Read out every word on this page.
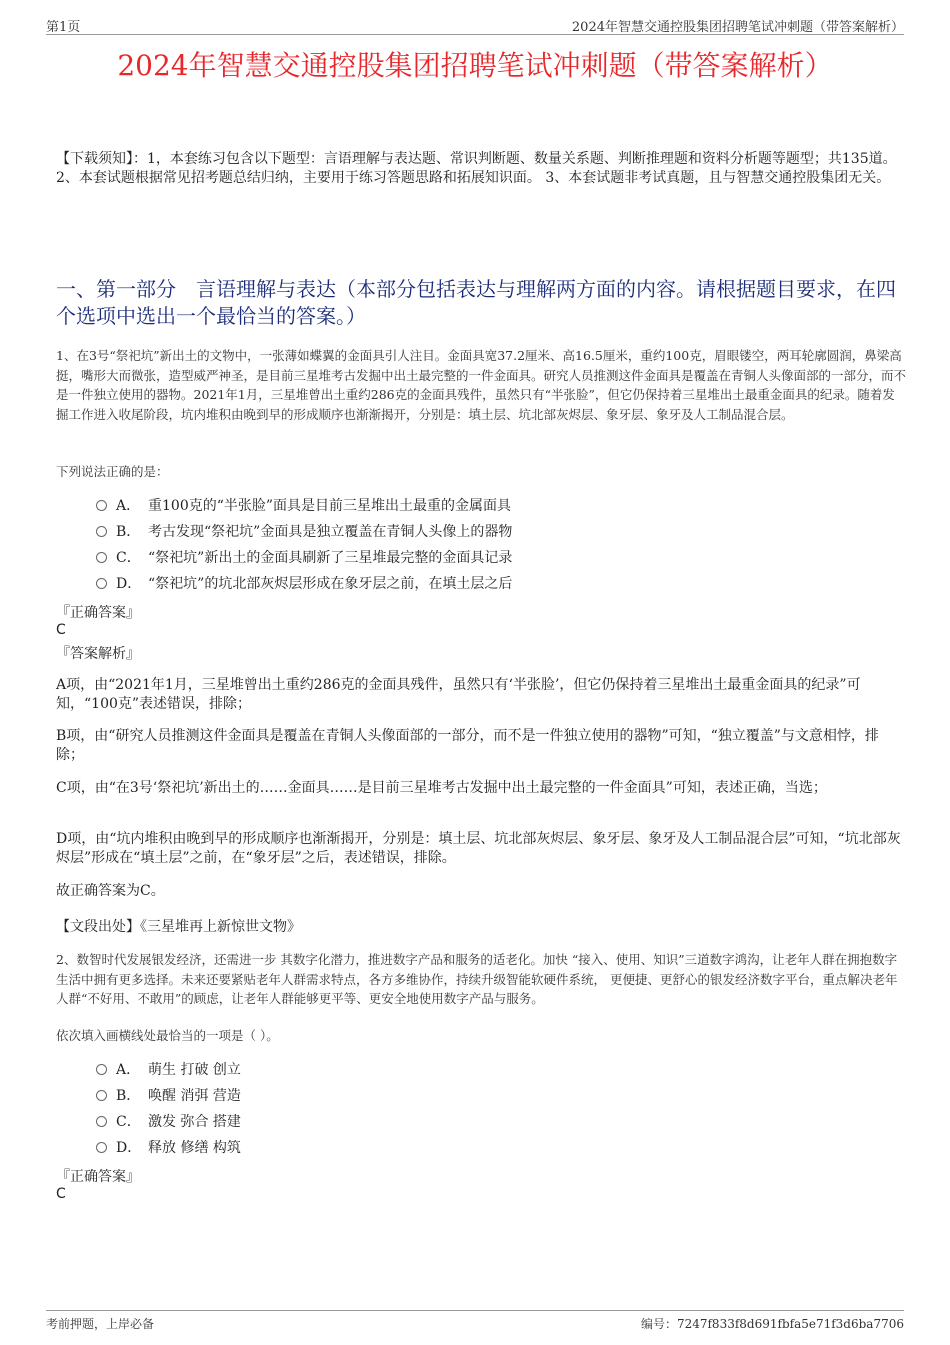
第1页	2024年智慧交通控股集团招聘笔试冲刺题（带答案解析）
2024年智慧交通控股集团招聘笔试冲刺题（带答案解析）
【下载须知】：1，本套练习包含以下题型：言语理解与表达题、常识判断题、数量关系题、判断推理题和资料分析题等题型；共135道。 2、本套试题根据常见招考题总结归纳，主要用于练习答题思路和拓展知识面。 3、本套试题非考试真题，且与智慧交通控股集团无关。
一、第一部分　言语理解与表达（本部分包括表达与理解两方面的内容。请根据题目要求，在四个选项中选出一个最恰当的答案。）
1、在3号“祭祀坑”新出土的文物中，一张薄如蝶翼的金面具引人注目。金面具宽37.2厘米、高16.5厘米，重约100克，眉眼镂空，两耳轮廓圆润，鼻梁高挺，嘴形大而微张，造型威严神圣，是目前三星堆考古发掘中出土最完整的一件金面具。研究人员推测这件金面具是覆盖在青铜人头像面部的一部分，而不是一件独立使用的器物。2021年1月，三星堆曾出土重约286克的金面具残件，虽然只有“半张脸”，但它仍保持着三星堆出土最重金面具的纪录。随着发掘工作进入收尾阶段，坑内堆积由晚到早的形成顺序也渐渐揭开，分别是：填土层、坑北部灰烬层、象牙层、象牙及人工制品混合层。
下列说法正确的是：
A． 重100克的“半张脸”面具是目前三星堆出土最重的金属面具
B． 考古发现“祭祀坑”金面具是独立覆盖在青铜人头像上的器物
C． “祭祀坑”新出土的金面具刷新了三星堆最完整的金面具记录
D． “祭祀坑”的坑北部灰烬层形成在象牙层之前，在填土层之后
『正确答案』
C
『答案解析』
A项，由“2021年1月，三星堆曾出土重约286克的金面具残件，虽然只有‘半张脸’，但它仍保持着三星堆出土最重金面具的纪录”可知，“100克”表述错误，排除；
B项，由“研究人员推测这件金面具是覆盖在青铜人头像面部的一部分，而不是一件独立使用的器物”可知，“独立覆盖”与文意相悖，排除；
C项，由“在3号‘祭祀坑’新出土的……金面具……是目前三星堆考古发掘中出土最完整的一件金面具”可知，表述正确，当选；
D项，由“坑内堆积由晚到早的形成顺序也渐渐揭开，分别是：填土层、坑北部灰烬层、象牙层、象牙及人工制品混合层”可知，“坑北部灰烬层”形成在“填土层”之前，在“象牙层”之后，表述错误，排除。
故正确答案为C。
【文段出处】《三星堆再上新惊世文物》
2、数智时代发展银发经济，还需进一步 其数字化潜力，推进数字产品和服务的适老化。加快 “接入、使用、知识”三道数字鸿沟，让老年人群在拥抱数字生活中拥有更多选择。未来还要紧贴老年人群需求特点，各方多维协作，持续升级智能软硬件系统， 更便捷、更舒心的银发经济数字平台，重点解决老年人群“不好用、不敢用”的顾虑，让老年人群能够更平等、更安全地使用数字产品与服务。
依次填入画横线处最恰当的一项是（ ）。
A． 萌生 打破 创立
B． 唤醒 消弭 营造
C． 激发 弥合 搭建
D． 释放 修缮 构筑
『正确答案』
C
考前押题，上岸必备	编号：7247f833f8d691fbfa5e71f3d6ba7706
